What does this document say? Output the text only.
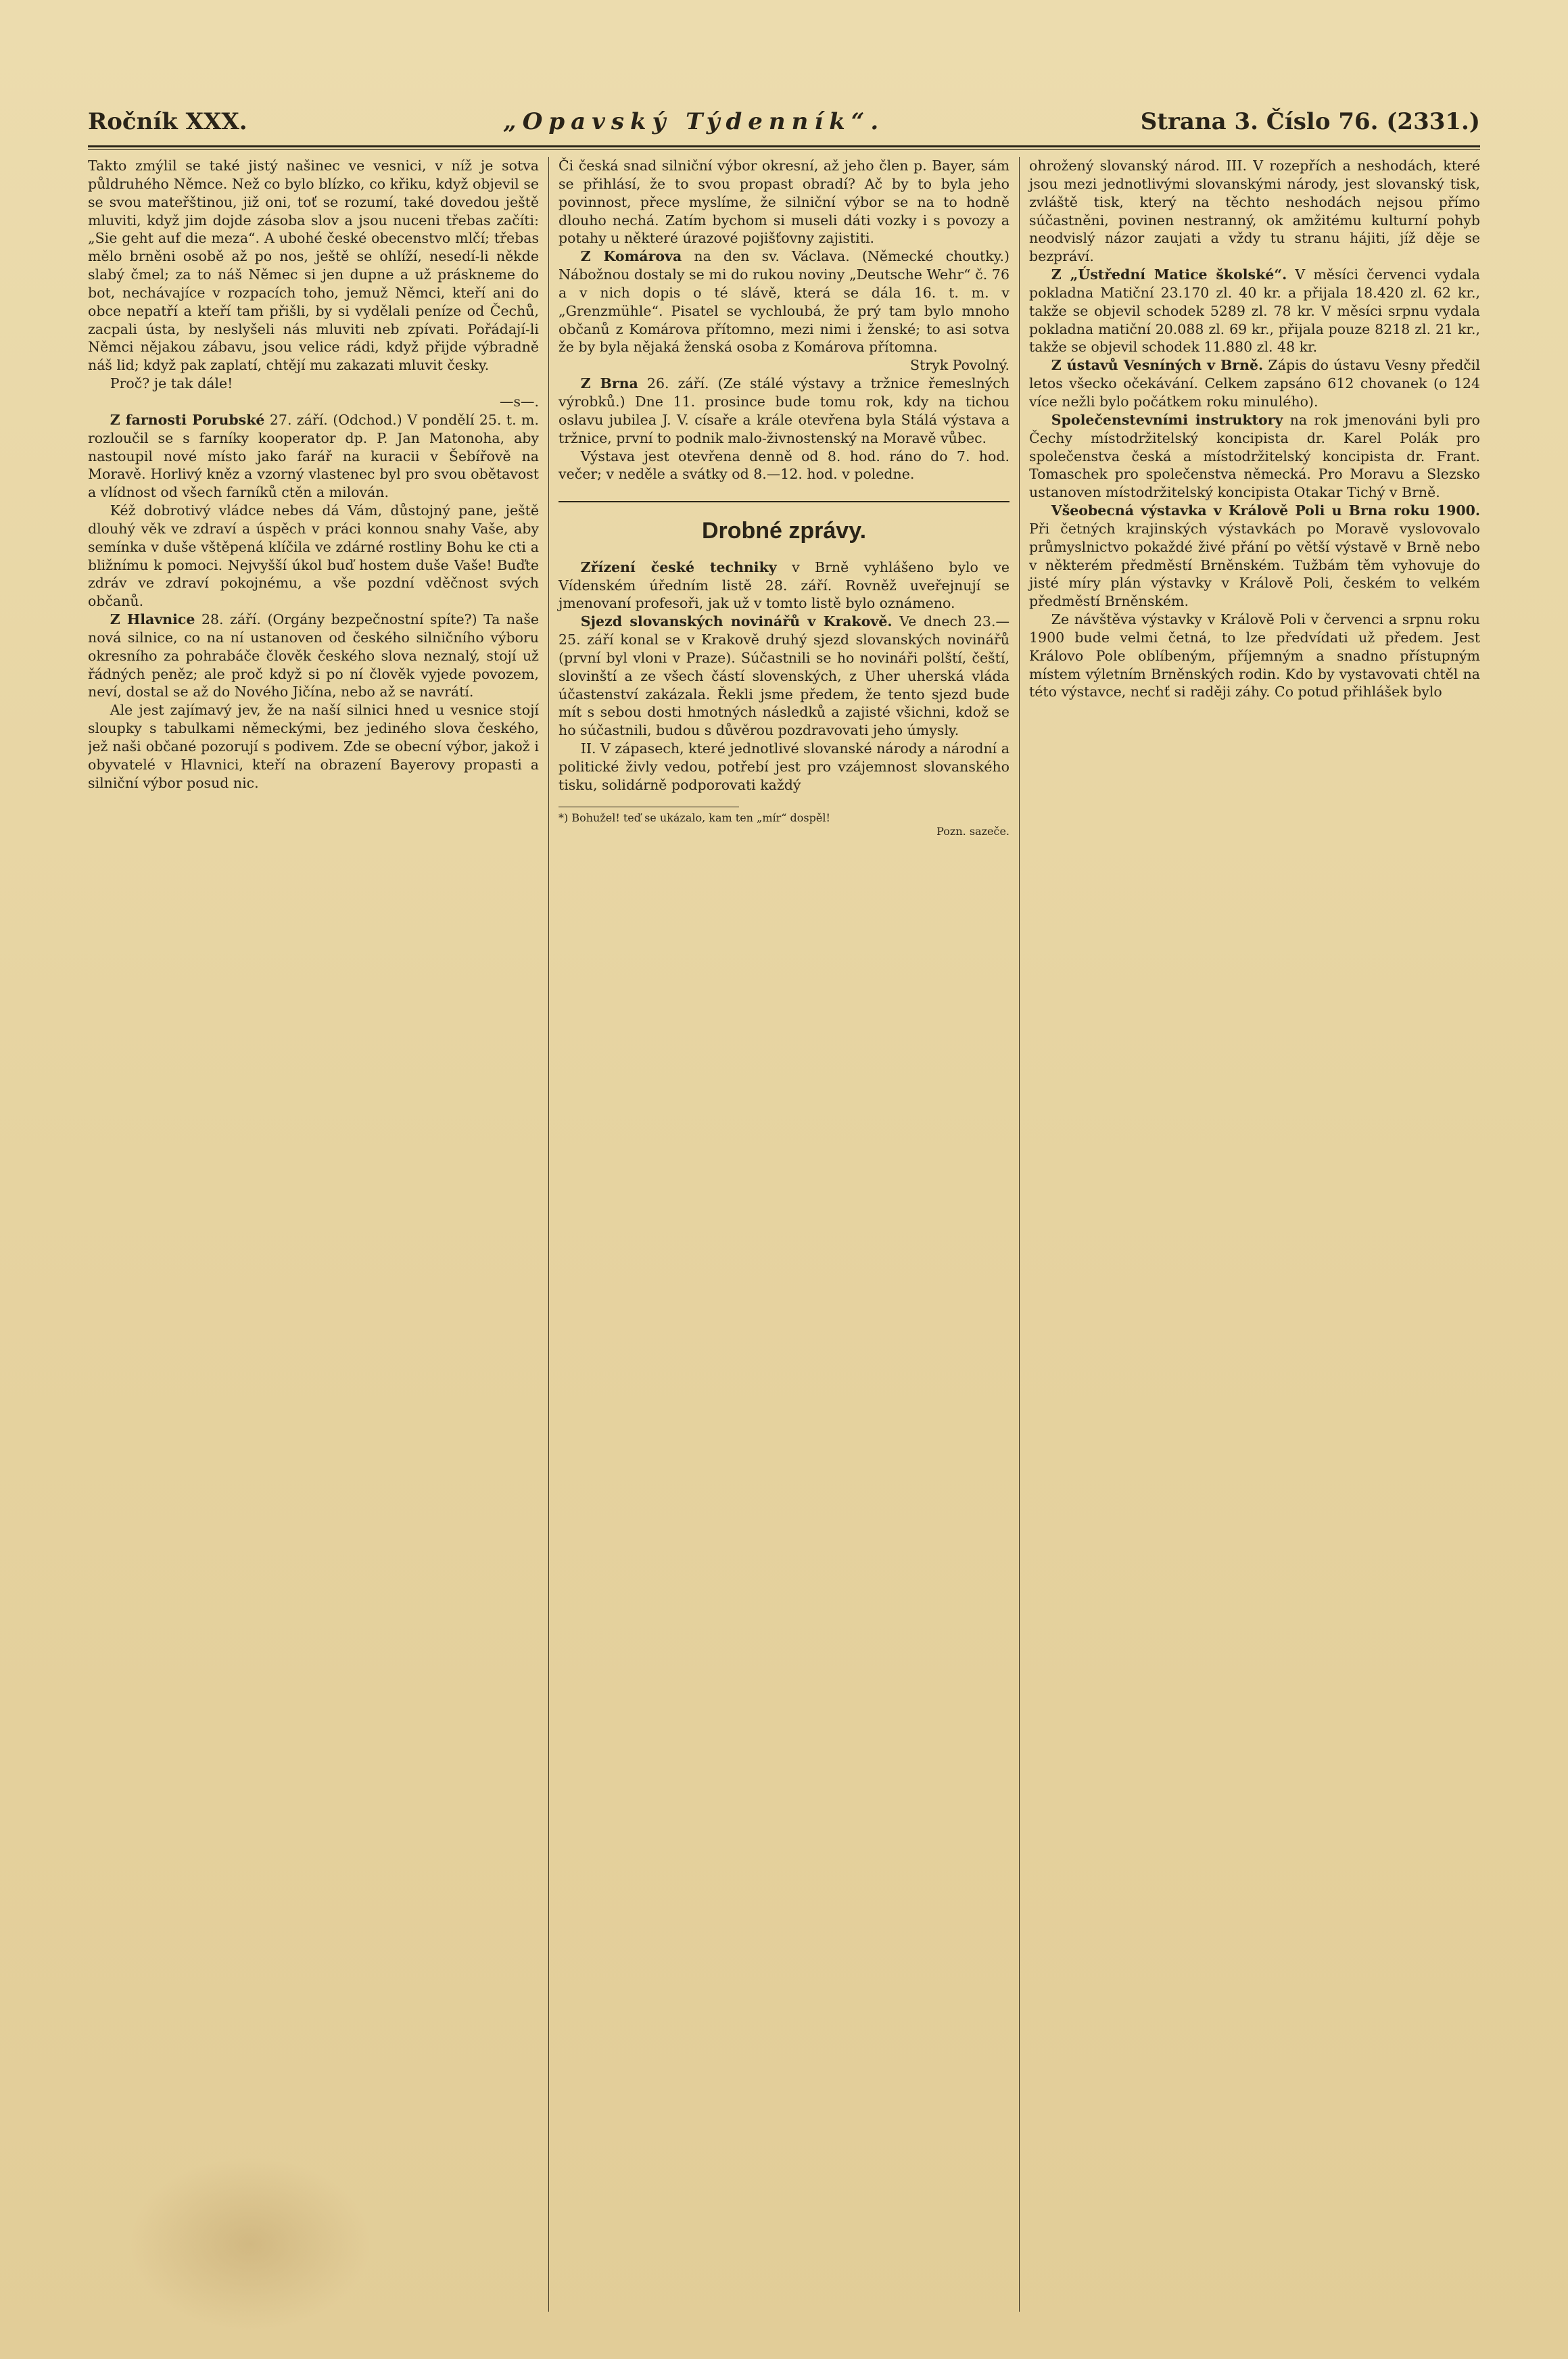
Ročník XXX.	„Opavský Týdenník“.	Strana 3. Číslo 76. (2331.)

Takto zmýlil se také jistý našinec ve vesnici, v níž je sotva půldruhého Němce. Než co bylo blízko, co křiku, když objevil se se svou mateřštinou, již oni, toť se rozumí, také dovedou ještě mluviti, když jim dojde zásoba slov a jsou nuceni třebas začíti: „Sie geht auf die meza“. A ubohé české obecenstvo mlčí; třebas mělo brněni osobě až po nos, ještě se ohlíží, nesedí-li někde slabý čmel; za to náš Němec si jen dupne a už práskneme do bot, nechávajíce v rozpacích toho, jemuž Němci, kteří ani do obce nepatří a kteří tam přišli, by si vydělali peníze od Čechů, zacpali ústa, by neslyšeli nás mluviti neb zpívati. Pořádají-li Němci nějakou zábavu, jsou velice rádi, když přijde výbradně náš lid; když pak zaplatí, chtějí mu zakazati mluvit česky.

Proč? je tak dále!

—s—.

Z farnosti Porubské 27. září. (Odchod.) V pondělí 25. t. m. rozloučil se s farníky kooperator dp. P. Jan Matonoha, aby nastoupil nové místo jako farář na kuracii v Šebířově na Moravě. Horlivý kněz a vzorný vlastenec byl pro svou obětavost a vlídnost od všech farníků ctěn a milován.

Kéž dobrotivý vládce nebes dá Vám, důstojný pane, ještě dlouhý věk ve zdraví a úspěch v práci konnou snahy Vaše, aby semínka v duše vštěpená klíčila ve zdárné rostliny Bohu ke cti a bližnímu k pomoci. Nejvyšší úkol buď hostem duše Vaše! Buďte zdráv ve zdraví pokojnému, a vše pozdní vděčnost svých občanů.

Z Hlavnice 28. září. (Orgány bezpečnostní spíte?) Ta naše nová silnice, co na ní ustanoven od českého silničního výboru okresního za pohrabáče člověk českého slova neznalý, stojí už řádných peněz; ale proč když si po ní člověk vyjede povozem, neví, dostal se až do Nového Jičína, nebo až se navrátí.

Ale jest zajímavý jev, že na naší silnici hned u vesnice stojí sloupky s tabulkami německými, bez jediného slova českého, jež naši občané pozorují s podivem. Zde se obecní výbor, jakož i obyvatelé v Hlavnici, kteří na obrazení Bayerovy propasti a silniční výbor posud nic.

Či česká snad silniční výbor okresní, až jeho člen p. Bayer, sám se přihlásí, že to svou propast obradí? Ač by to byla jeho povinnost, přece myslíme, že silniční výbor se na to hodně dlouho nechá. Zatím bychom si museli dáti vozky i s povozy a potahy u některé úrazové pojišťovny zajistiti.

Z Komárova na den sv. Václava. (Německé choutky.) Nábožnou dostaly se mi do rukou noviny „Deutsche Wehr“ č. 76 a v nich dopis o té slávě, která se dála 16. t. m. v „Grenzmühle“. Pisatel se vychloubá, že prý tam bylo mnoho občanů z Komárova přítomno, mezi nimi i ženské; to asi sotva že by byla nějaká ženská osoba z Komárova přítomna.

Stryk Povolný.

Z Brna 26. září. (Ze stálé výstavy a tržnice řemeslných výrobků.) Dne 11. prosince bude tomu rok, kdy na tichou oslavu jubilea J. V. císaře a krále otevřena byla Stálá výstava a tržnice, první to podnik malo-živnostenský na Moravě vůbec.

Výstava jest otevřena denně od 8. hod. ráno do 7. hod. večer; v neděle a svátky od 8.—12. hod. v poledne.

Drobné zprávy.

Zřízení české techniky v Brně vyhlášeno bylo ve Vídenském úředním listě 28. září. Rovněž uveřejnují se jmenovaní profesoři, jak už v tomto listě bylo oznámeno.

Sjezd slovanských novinářů v Krakově. Ve dnech 23.—25. září konal se v Krakově druhý sjezd slovanských novinářů (první byl vloni v Praze). Súčastnili se ho novináři polští, čeští, slovinští a ze všech částí slovenských, z Uher uherská vláda účastenství zakázala. Řekli jsme předem, že tento sjezd bude mít s sebou dosti hmotných následků a zajisté všichni, kdož se ho súčastnili, budou s důvěrou pozdravovati jeho úmysly.

II. V zápasech, které jednotlivé slovanské národy a národní a politické živly vedou, potřebí jest pro vzájemnost slovanského tisku, solidárně podporovati každý

*) Bohužel! teď se ukázalo, kam ten „mír“ dospěl!
Pozn. sazeče.

ohrožený slovanský národ. III. V rozepřích a neshodách, které jsou mezi jednotlivými slovanskými národy, jest slovanský tisk, zvláště tisk, který na těchto neshodách nejsou přímo súčastněni, povinen nestranný, ok amžitému kulturní pohyb neodvislý názor zaujati a vždy tu stranu hájiti, jíž děje se bezpráví.

Z „Ústřední Matice školské“. V měsíci červenci vydala pokladna Matiční 23.170 zl. 40 kr. a přijala 18.420 zl. 62 kr., takže se objevil schodek 5289 zl. 78 kr. V měsíci srpnu vydala pokladna matiční 20.088 zl. 69 kr., přijala pouze 8218 zl. 21 kr., takže se objevil schodek 11.880 zl. 48 kr.

Z ústavů Vesníných v Brně. Zápis do ústavu Vesny předčil letos všecko očekávání. Celkem zapsáno 612 chovanek (o 124 více nežli bylo počátkem roku minulého).

Společenstevními instruktory na rok jmenováni byli pro Čechy místodržitelský koncipista dr. Karel Polák pro společenstva česká a místodržitelský koncipista dr. Frant. Tomaschek pro společenstva německá. Pro Moravu a Slezsko ustanoven místodržitelský koncipista Otakar Tichý v Brně.

Všeobecná výstavka v Králově Poli u Brna roku 1900. Při četných krajinských výstavkách po Moravě vyslovovalo průmyslnictvo pokaždé živé přání po větší výstavě v Brně nebo v některém předměstí Brněnském. Tužbám těm vyhovuje do jisté míry plán výstavky v Králově Poli, českém to velkém předměstí Brněnském.

Ze návštěva výstavky v Králově Poli v červenci a srpnu roku 1900 bude velmi četná, to lze předvídati už předem. Jest Královo Pole oblíbeným, příjemným a snadno přístupným místem výletním Brněnských rodin. Kdo by vystavovati chtěl na této výstavce, nechť si raději záhy. Co potud přihlášek bylo
